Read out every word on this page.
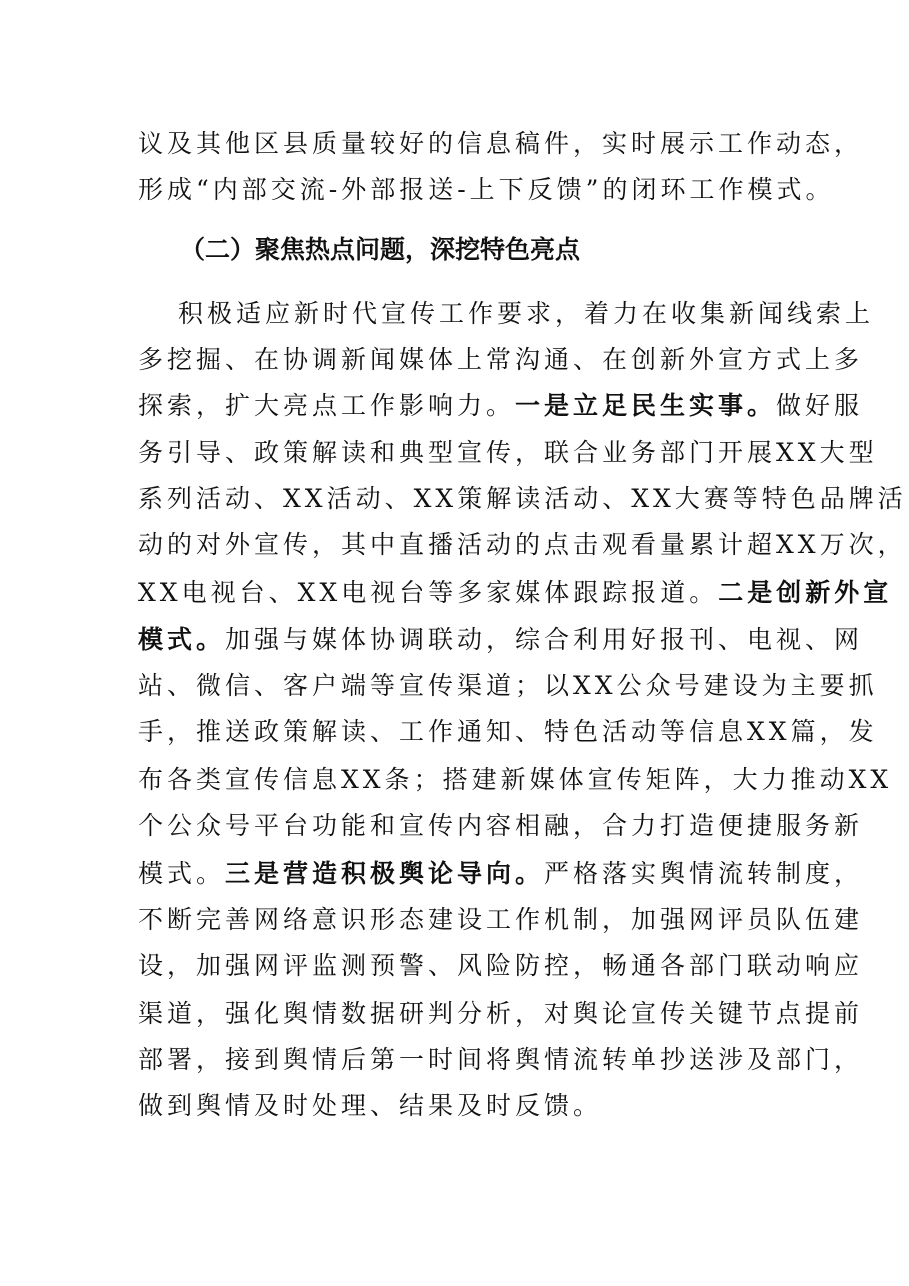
议及其他区县质量较好的信息稿件，实时展示工作动态，
形成“内部交流-外部报送-上下反馈”的闭环工作模式。
（二）聚焦热点问题，深挖特色亮点
积极适应新时代宣传工作要求，着力在收集新闻线索上
多挖掘、在协调新闻媒体上常沟通、在创新外宣方式上多
探索，扩大亮点工作影响力。一是立足民生实事。做好服
务引导、政策解读和典型宣传，联合业务部门开展XX大型
系列活动、XX活动、XX策解读活动、XX大赛等特色品牌活
动的对外宣传，其中直播活动的点击观看量累计超XX万次，
XX电视台、XX电视台等多家媒体跟踪报道。二是创新外宣
模式。加强与媒体协调联动，综合利用好报刊、电视、网
站、微信、客户端等宣传渠道；以XX公众号建设为主要抓
手，推送政策解读、工作通知、特色活动等信息XX篇，发
布各类宣传信息XX条；搭建新媒体宣传矩阵，大力推动XX
个公众号平台功能和宣传内容相融，合力打造便捷服务新
模式。三是营造积极舆论导向。严格落实舆情流转制度，
不断完善网络意识形态建设工作机制，加强网评员队伍建
设，加强网评监测预警、风险防控，畅通各部门联动响应
渠道，强化舆情数据研判分析，对舆论宣传关键节点提前
部署，接到舆情后第一时间将舆情流转单抄送涉及部门，
做到舆情及时处理、结果及时反馈。
